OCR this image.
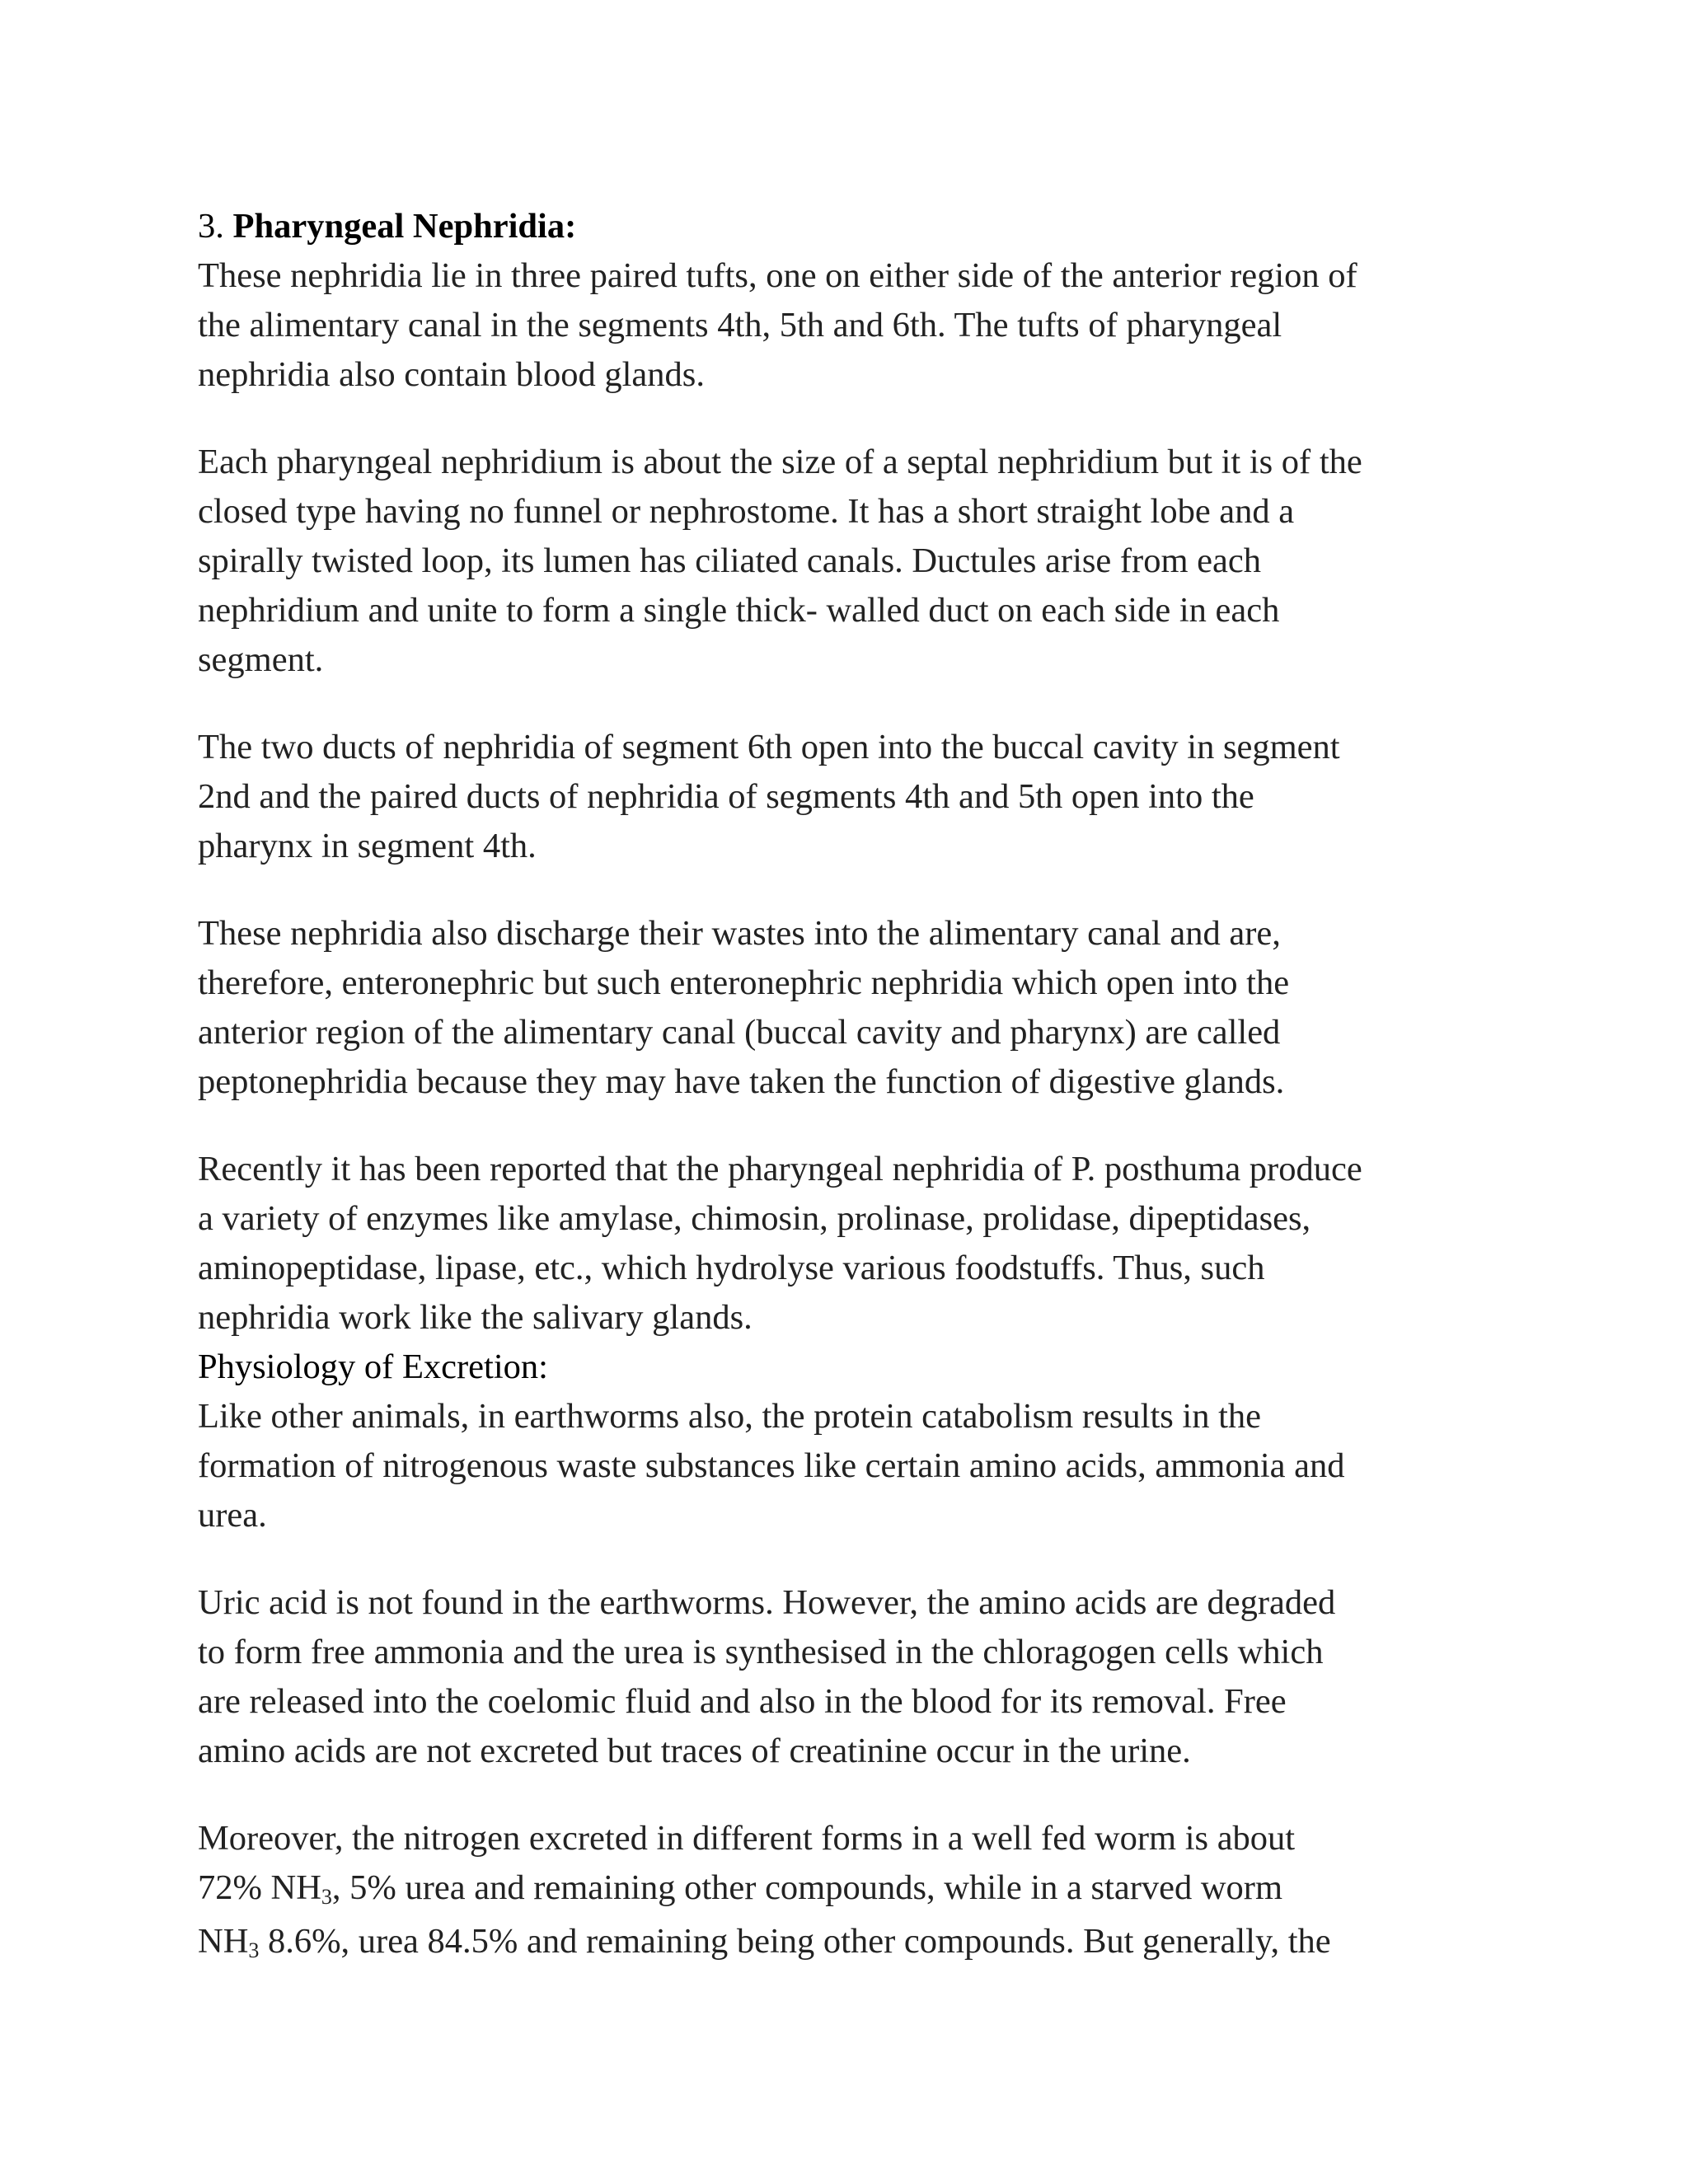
3. Pharyngeal Nephridia:

These nephridia lie in three paired tufts, one on either side of the anterior region of
the alimentary canal in the segments 4th, 5th and 6th. The tufts of pharyngeal
nephridia also contain blood glands.

Each pharyngeal nephridium is about the size of a septal nephridium but it is of the
closed type having no funnel or nephrostome. It has a short straight lobe and a
spirally twisted loop, its lumen has ciliated canals. Ductules arise from each
nephridium and unite to form a single thick- walled duct on each side in each
segment.

The two ducts of nephridia of segment 6th open into the buccal cavity in segment
2nd and the paired ducts of nephridia of segments 4th and 5th open into the
pharynx in segment 4th.

These nephridia also discharge their wastes into the alimentary canal and are,
therefore, enteronephric but such enteronephric nephridia which open into the
anterior region of the alimentary canal (buccal cavity and pharynx) are called
peptonephridia because they may have taken the function of digestive glands.

Recently it has been reported that the pharyngeal nephridia of P. posthuma produce
a variety of enzymes like amylase, chimosin, prolinase, prolidase, dipeptidases,
aminopeptidase, lipase, etc., which hydrolyse various foodstuffs. Thus, such
nephridia work like the salivary glands.

Physiology of Excretion:

Like other animals, in earthworms also, the protein catabolism results in the
formation of nitrogenous waste substances like certain amino acids, ammonia and
urea.

Uric acid is not found in the earthworms. However, the amino acids are degraded
to form free ammonia and the urea is synthesised in the chloragogen cells which
are released into the coelomic fluid and also in the blood for its removal. Free
amino acids are not excreted but traces of creatinine occur in the urine.

Moreover, the nitrogen excreted in different forms in a well fed worm is about
72% $NH_3$, 5% urea and remaining other compounds, while in a starved worm
$NH_3$ 8.6%, urea 84.5% and remaining being other compounds. But generally, the
